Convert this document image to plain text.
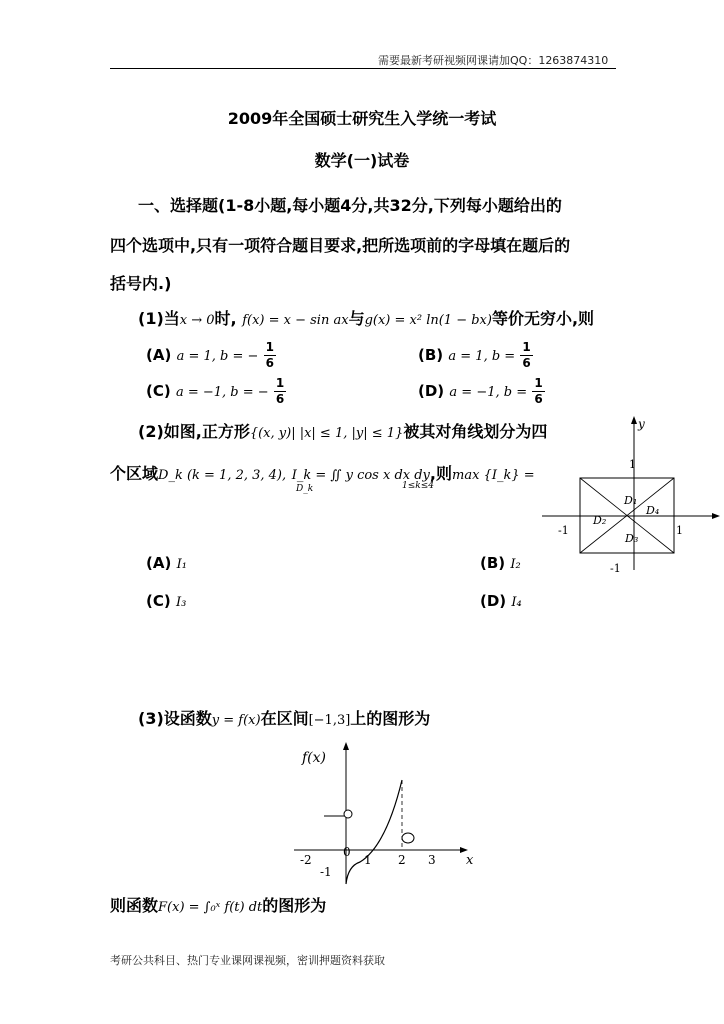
需要最新考研视频网课请加QQ：1263874310
2009年全国硕士研究生入学统一考试
数学(一)试卷
一、选择题(1-8小题,每小题4分,共32分,下列每小题给出的
四个选项中,只有一项符合题目要求,把所选项前的字母填在题后的
括号内.)
(1)当x → 0时, f(x) = x − sin ax与g(x) = x² ln(1 − bx)等价无穷小,则
(A) a = 1, b = − $\frac{1}{6}$	(B) a = 1, $b = \frac{1}{6}$
(C) a = −1, b = − $\frac{1}{6}$	(D) a = −1, $b = \frac{1}{6}$
(2)如图,正方形{(x, y)| |x| ≤ 1, |y| ≤ 1}被其对角线划分为四
个区域D_k (k = 1, 2, 3, 4), I_k = ∬ y cos x dx dy,则max {I_k} =
D_k	1≤k≤4
y
1
-1	1
-1
D₁
D₂
D₃
D₄
(A) I₁	(B) I₂
(C) I₃	(D) I₄
(3)设函数y = f(x)在区间[−1,3]上的图形为
f(x)
x
-2
0
1 2 3
-1
则函数F(x) = ∫₀ˣ f(t) dt的图形为
考研公共科目、热门专业课网课视频，密训押题资料获取
